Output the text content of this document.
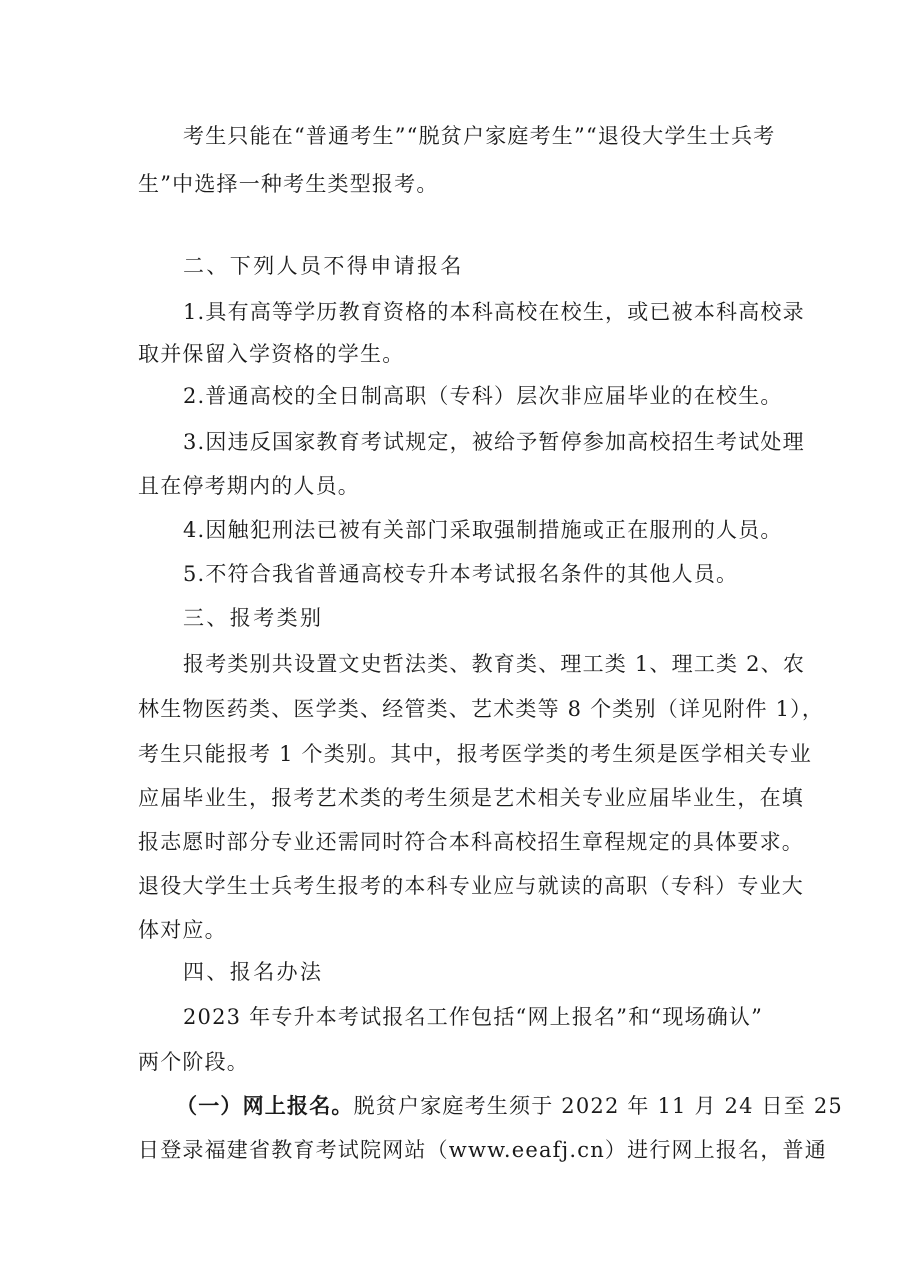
考生只能在“普通考生”“脱贫户家庭考生”“退役大学生士兵考
生”中选择一种考生类型报考。
二、下列人员不得申请报名
1.具有高等学历教育资格的本科高校在校生，或已被本科高校录
取并保留入学资格的学生。
2.普通高校的全日制高职（专科）层次非应届毕业的在校生。
3.因违反国家教育考试规定，被给予暂停参加高校招生考试处理
且在停考期内的人员。
4.因触犯刑法已被有关部门采取强制措施或正在服刑的人员。
5.不符合我省普通高校专升本考试报名条件的其他人员。
三、报考类别
报考类别共设置文史哲法类、教育类、理工类 1、理工类 2、农
林生物医药类、医学类、经管类、艺术类等 8 个类别（详见附件 1），
考生只能报考 1 个类别。其中，报考医学类的考生须是医学相关专业
应届毕业生，报考艺术类的考生须是艺术相关专业应届毕业生，在填
报志愿时部分专业还需同时符合本科高校招生章程规定的具体要求。
退役大学生士兵考生报考的本科专业应与就读的高职（专科）专业大
体对应。
四、报名办法
2023 年专升本考试报名工作包括“网上报名”和“现场确认”
两个阶段。
（一）网上报名。脱贫户家庭考生须于 2022 年 11 月 24 日至 25
日登录福建省教育考试院网站（www.eeafj.cn）进行网上报名，普通
